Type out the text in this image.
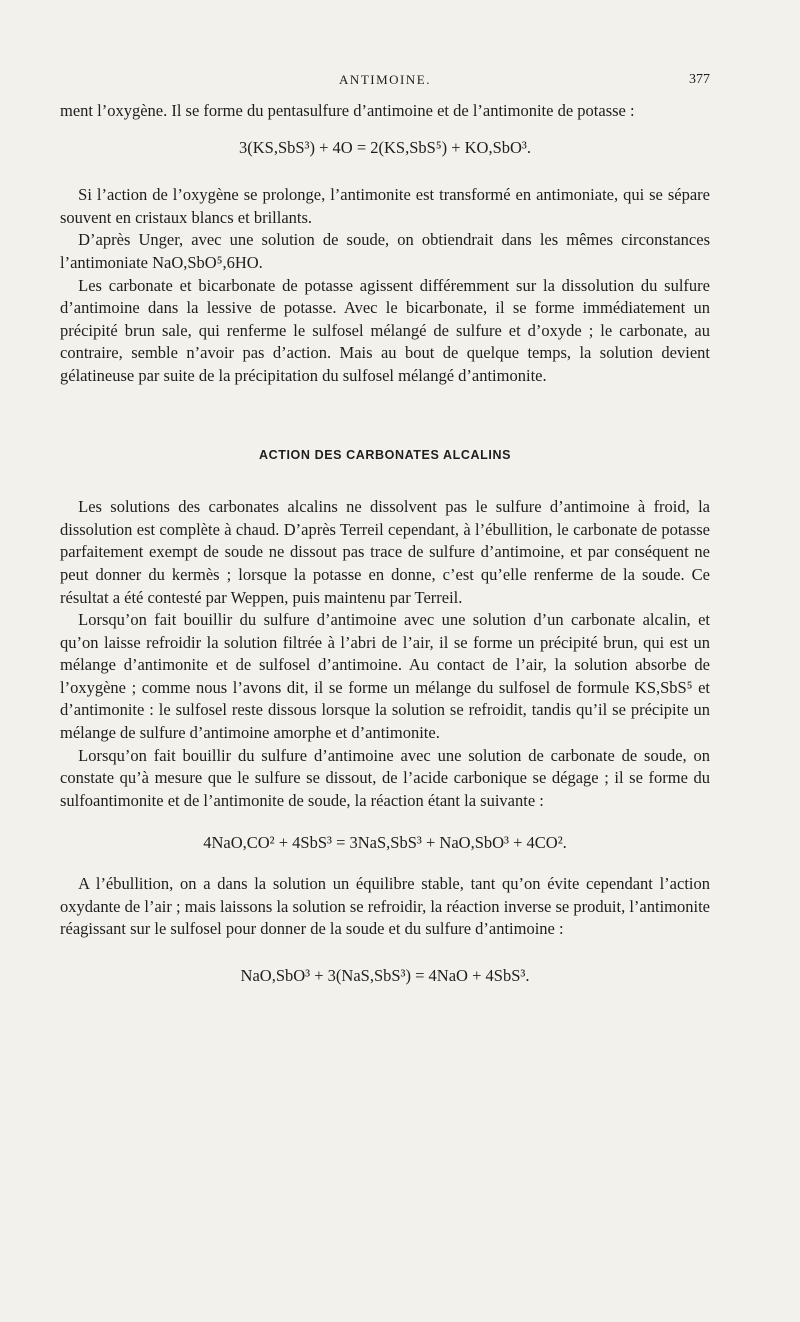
ANTIMOINE.	377

ment l’oxygène. Il se forme du pentasulfure d’antimoine et de l’antimonite de potasse :

3(KS,SbS³) + 4O = 2(KS,SbS⁵) + KO,SbO³.

Si l’action de l’oxygène se prolonge, l’antimonite est transformé en antimoniate, qui se sépare souvent en cristaux blancs et brillants.

D’après Unger, avec une solution de soude, on obtiendrait dans les mêmes circonstances l’antimoniate NaO,SbO⁵,6HO.

Les carbonate et bicarbonate de potasse agissent différemment sur la dissolution du sulfure d’antimoine dans la lessive de potasse. Avec le bicarbonate, il se forme immédiatement un précipité brun sale, qui renferme le sulfosel mélangé de sulfure et d’oxyde ; le carbonate, au contraire, semble n’avoir pas d’action. Mais au bout de quelque temps, la solution devient gélatineuse par suite de la précipitation du sulfosel mélangé d’antimonite.

ACTION DES CARBONATES ALCALINS

Les solutions des carbonates alcalins ne dissolvent pas le sulfure d’antimoine à froid, la dissolution est complète à chaud. D’après Terreil cependant, à l’ébullition, le carbonate de potasse parfaitement exempt de soude ne dissout pas trace de sulfure d’antimoine, et par conséquent ne peut donner du kermès ; lorsque la potasse en donne, c’est qu’elle renferme de la soude. Ce résultat a été contesté par Weppen, puis maintenu par Terreil.

Lorsqu’on fait bouillir du sulfure d’antimoine avec une solution d’un carbonate alcalin, et qu’on laisse refroidir la solution filtrée à l’abri de l’air, il se forme un précipité brun, qui est un mélange d’antimonite et de sulfosel d’antimoine. Au contact de l’air, la solution absorbe de l’oxygène ; comme nous l’avons dit, il se forme un mélange du sulfosel de formule KS,SbS⁵ et d’antimonite : le sulfosel reste dissous lorsque la solution se refroidit, tandis qu’il se précipite un mélange de sulfure d’antimoine amorphe et d’antimonite.

Lorsqu’on fait bouillir du sulfure d’antimoine avec une solution de carbonate de soude, on constate qu’à mesure que le sulfure se dissout, de l’acide carbonique se dégage ; il se forme du sulfoantimonite et de l’antimonite de soude, la réaction étant la suivante :

4NaO,CO² + 4SbS³ = 3NaS,SbS³ + NaO,SbO³ + 4CO².

A l’ébullition, on a dans la solution un équilibre stable, tant qu’on évite cependant l’action oxydante de l’air ; mais laissons la solution se refroidir, la réaction inverse se produit, l’antimonite réagissant sur le sulfosel pour donner de la soude et du sulfure d’antimoine :

NaO,SbO³ + 3(NaS,SbS³) = 4NaO + 4SbS³.
